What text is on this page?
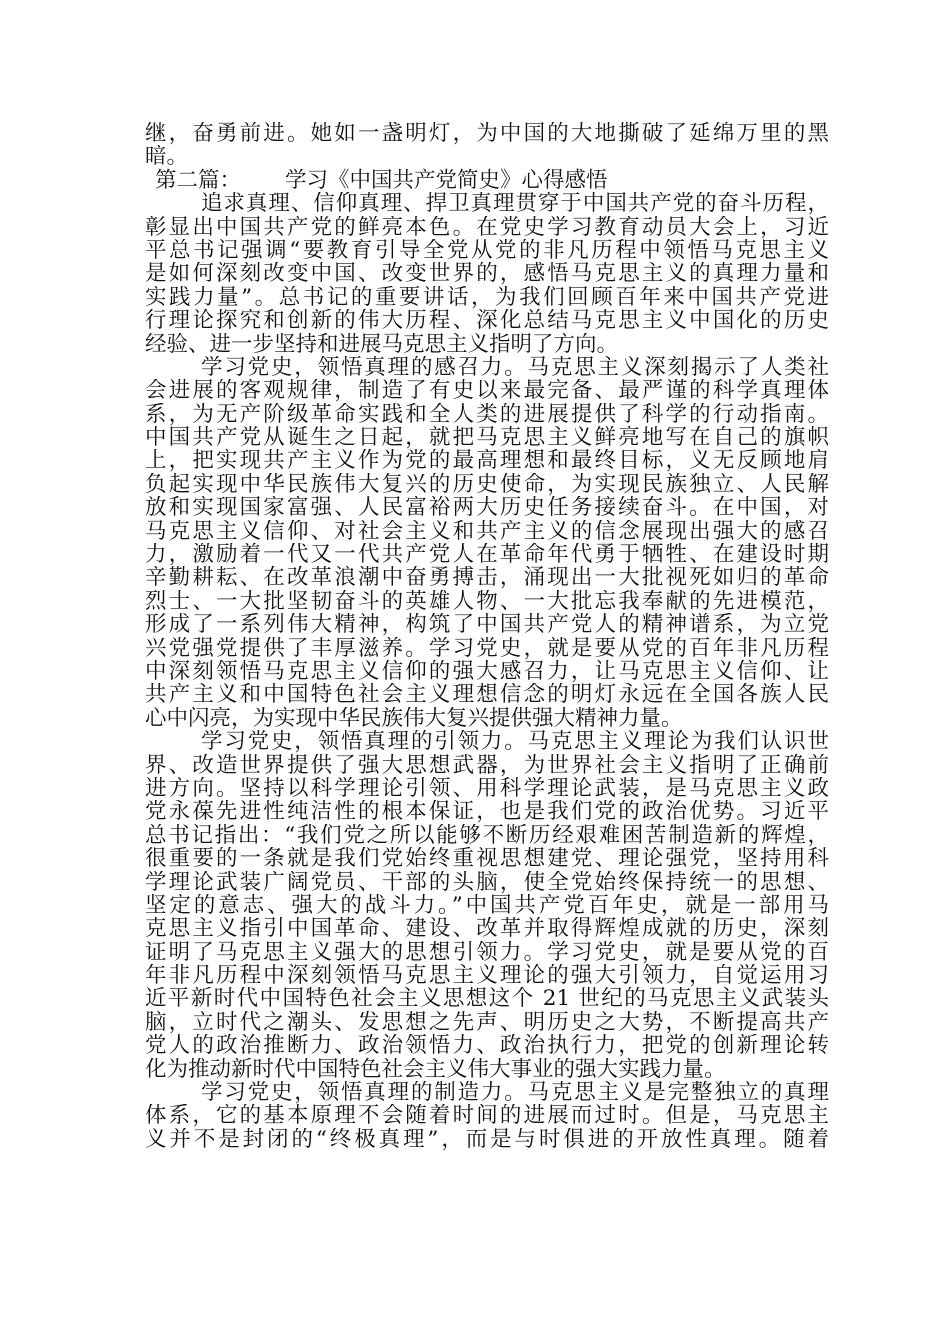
继，奋勇前进。她如一盏明灯，为中国的大地撕破了延绵万里的黑
暗。
第二篇：	学习《中国共产党简史》心得感悟
追求真理、信仰真理、捍卫真理贯穿于中国共产党的奋斗历程，
彰显出中国共产党的鲜亮本色。在党史学习教育动员大会上，习近
平总书记强调“要教育引导全党从党的非凡历程中领悟马克思主义
是如何深刻改变中国、改变世界的，感悟马克思主义的真理力量和
实践力量”。总书记的重要讲话，为我们回顾百年来中国共产党进
行理论探究和创新的伟大历程、深化总结马克思主义中国化的历史
经验、进一步坚持和进展马克思主义指明了方向。
学习党史，领悟真理的感召力。马克思主义深刻揭示了人类社
会进展的客观规律，制造了有史以来最完备、最严谨的科学真理体
系，为无产阶级革命实践和全人类的进展提供了科学的行动指南。
中国共产党从诞生之日起，就把马克思主义鲜亮地写在自己的旗帜
上，把实现共产主义作为党的最高理想和最终目标，义无反顾地肩
负起实现中华民族伟大复兴的历史使命，为实现民族独立、人民解
放和实现国家富强、人民富裕两大历史任务接续奋斗。在中国，对
马克思主义信仰、对社会主义和共产主义的信念展现出强大的感召
力，激励着一代又一代共产党人在革命年代勇于牺牲、在建设时期
辛勤耕耘、在改革浪潮中奋勇搏击，涌现出一大批视死如归的革命
烈士、一大批坚韧奋斗的英雄人物、一大批忘我奉献的先进模范，
形成了一系列伟大精神，构筑了中国共产党人的精神谱系，为立党
兴党强党提供了丰厚滋养。学习党史，就是要从党的百年非凡历程
中深刻领悟马克思主义信仰的强大感召力，让马克思主义信仰、让
共产主义和中国特色社会主义理想信念的明灯永远在全国各族人民
心中闪亮，为实现中华民族伟大复兴提供强大精神力量。
学习党史，领悟真理的引领力。马克思主义理论为我们认识世
界、改造世界提供了强大思想武器，为世界社会主义指明了正确前
进方向。坚持以科学理论引领、用科学理论武装，是马克思主义政
党永葆先进性纯洁性的根本保证，也是我们党的政治优势。习近平
总书记指出：“我们党之所以能够不断历经艰难困苦制造新的辉煌，
很重要的一条就是我们党始终重视思想建党、理论强党，坚持用科
学理论武装广阔党员、干部的头脑，使全党始终保持统一的思想、
坚定的意志、强大的战斗力。”中国共产党百年史，就是一部用马
克思主义指引中国革命、建设、改革并取得辉煌成就的历史，深刻
证明了马克思主义强大的思想引领力。学习党史，就是要从党的百
年非凡历程中深刻领悟马克思主义理论的强大引领力，自觉运用习
近平新时代中国特色社会主义思想这个 21 世纪的马克思主义武装头
脑，立时代之潮头、发思想之先声、明历史之大势，不断提高共产
党人的政治推断力、政治领悟力、政治执行力，把党的创新理论转
化为推动新时代中国特色社会主义伟大事业的强大实践力量。
学习党史，领悟真理的制造力。马克思主义是完整独立的真理
体系，它的基本原理不会随着时间的进展而过时。但是，马克思主
义并不是封闭的“终极真理”，而是与时俱进的开放性真理。随着
